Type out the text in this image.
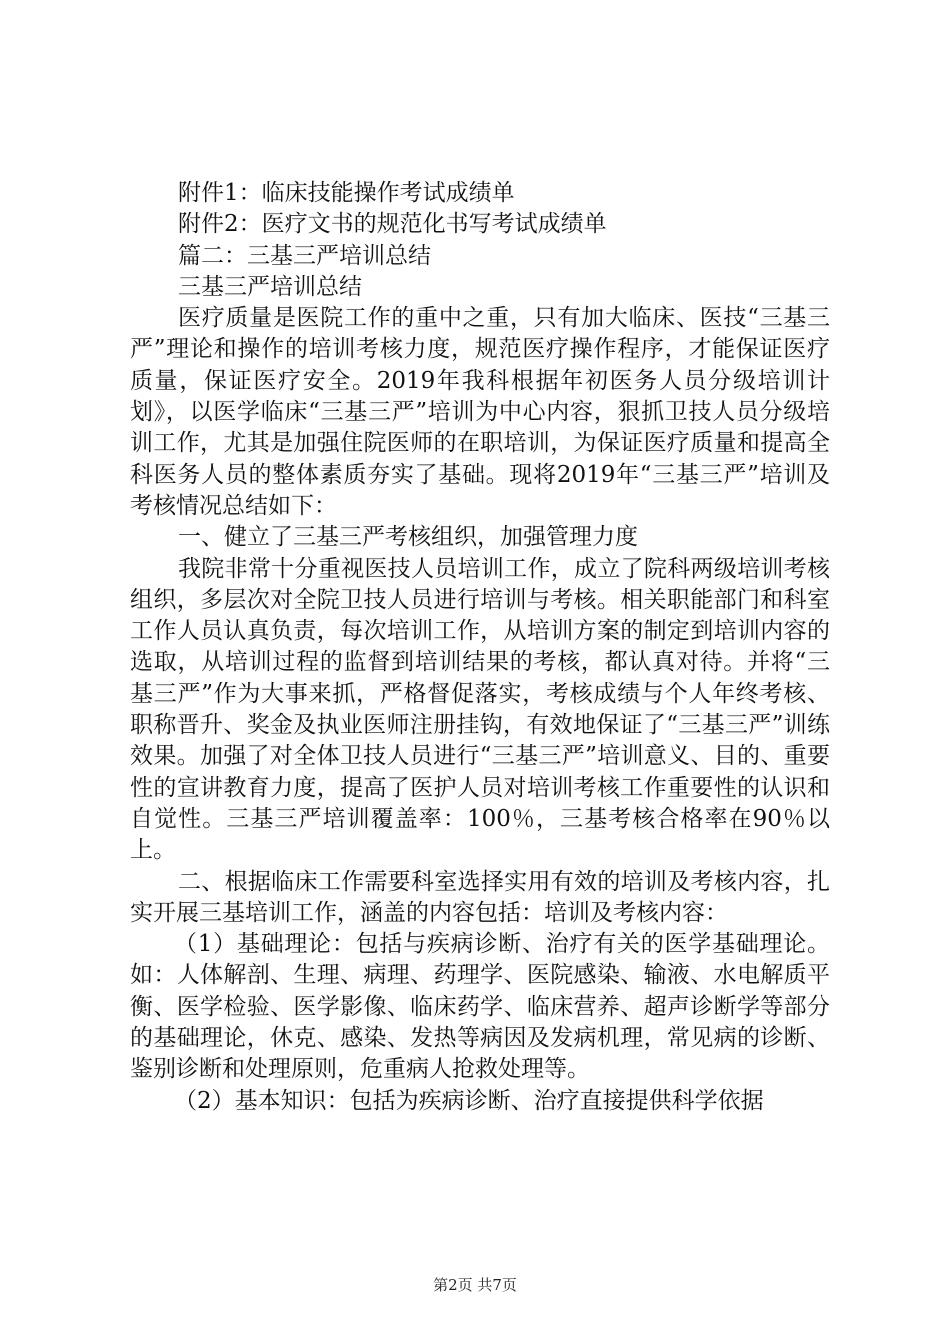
附件1：临床技能操作考试成绩单

附件2：医疗文书的规范化书写考试成绩单

篇二：三基三严培训总结

三基三严培训总结

医疗质量是医院工作的重中之重，只有加大临床、医技“三基三严”理论和操作的培训考核力度，规范医疗操作程序，才能保证医疗质量，保证医疗安全。2019年我科根据年初医务人员分级培训计划》，以医学临床“三基三严”培训为中心内容，狠抓卫技人员分级培训工作，尤其是加强住院医师的在职培训，为保证医疗质量和提高全科医务人员的整体素质夯实了基础。现将2019年“三基三严”培训及考核情况总结如下：

一、健立了三基三严考核组织，加强管理力度

我院非常十分重视医技人员培训工作，成立了院科两级培训考核组织，多层次对全院卫技人员进行培训与考核。相关职能部门和科室工作人员认真负责，每次培训工作，从培训方案的制定到培训内容的选取，从培训过程的监督到培训结果的考核，都认真对待。并将“三基三严”作为大事来抓，严格督促落实，考核成绩与个人年终考核、职称晋升、奖金及执业医师注册挂钩，有效地保证了“三基三严”训练效果。加强了对全体卫技人员进行“三基三严”培训意义、目的、重要性的宣讲教育力度，提高了医护人员对培训考核工作重要性的认识和自觉性。三基三严培训覆盖率：100％，三基考核合格率在90％以上。

二、根据临床工作需要科室选择实用有效的培训及考核内容，扎实开展三基培训工作，涵盖的内容包括：培训及考核内容：

（1）基础理论：包括与疾病诊断、治疗有关的医学基础理论。如：人体解剖、生理、病理、药理学、医院感染、输液、水电解质平衡、医学检验、医学影像、临床药学、临床营养、超声诊断学等部分的基础理论，休克、感染、发热等病因及发病机理，常见病的诊断、鉴别诊断和处理原则，危重病人抢救处理等。

（2）基本知识：包括为疾病诊断、治疗直接提供科学依据

第2页 共7页
